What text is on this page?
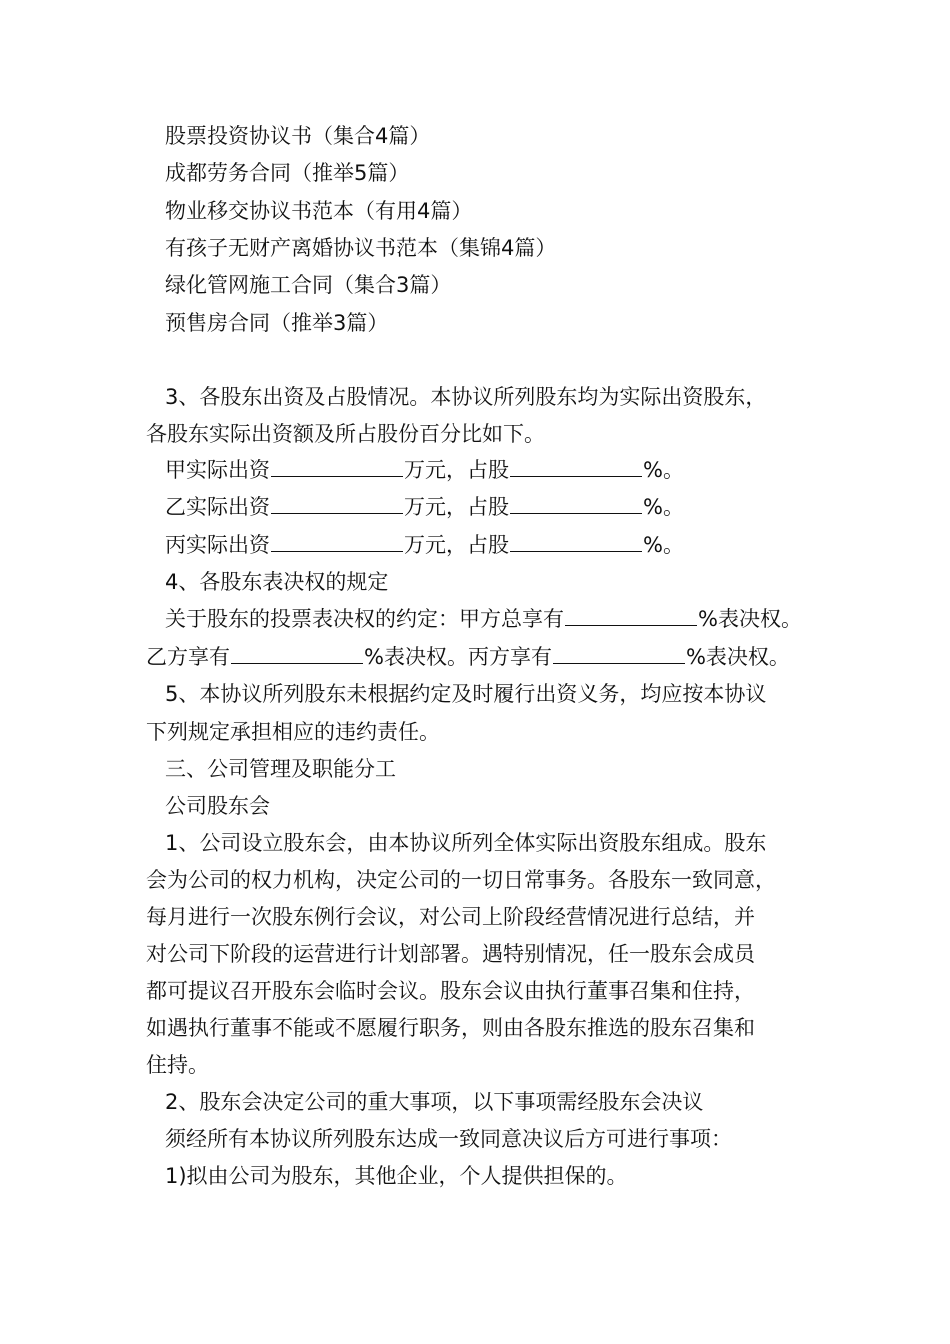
股票投资协议书（集合4篇）
成都劳务合同（推举5篇）
物业移交协议书范本（有用4篇）
有孩子无财产离婚协议书范本（集锦4篇）
绿化管网施工合同（集合3篇）
预售房合同（推举3篇）
3、各股东出资及占股情况。本协议所列股东均为实际出资股东，
各股东实际出资额及所占股份百分比如下。
甲实际出资	万元，占股	%。
乙实际出资	万元，占股	%。
丙实际出资	万元，占股	%。
4、各股东表决权的规定
关于股东的投票表决权的约定：甲方总享有	%表决权。
乙方享有	%表决权。丙方享有	%表决权。
5、本协议所列股东未根据约定及时履行出资义务，均应按本协议
下列规定承担相应的违约责任。
三、公司管理及职能分工
公司股东会
1、公司设立股东会，由本协议所列全体实际出资股东组成。股东
会为公司的权力机构，决定公司的一切日常事务。各股东一致同意，
每月进行一次股东例行会议，对公司上阶段经营情况进行总结，并
对公司下阶段的运营进行计划部署。遇特别情况，任一股东会成员
都可提议召开股东会临时会议。股东会议由执行董事召集和住持，
如遇执行董事不能或不愿履行职务，则由各股东推选的股东召集和
住持。
2、股东会决定公司的重大事项，以下事项需经股东会决议
须经所有本协议所列股东达成一致同意决议后方可进行事项：
1)拟由公司为股东，其他企业，个人提供担保的。
